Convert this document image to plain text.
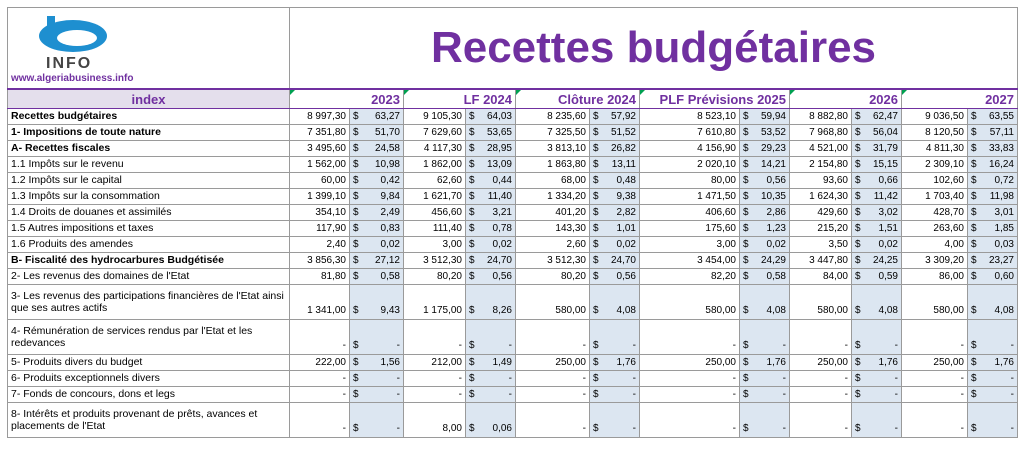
INFO
www.algeriabusiness.info	Recettes budgétaires											
index	2023		LF 2024		Clôture 2024		PLF Prévisions 2025		2026		2027	

Recettes budgétaires	8 997,30	$ 63,27	9 105,30	$ 64,03	8 235,60	$ 57,92	8 523,10	$ 59,94	8 882,80	$ 62,47	9 036,50	$ 63,55
1- Impositions de toute nature	7 351,80	$ 51,70	7 629,60	$ 53,65	7 325,50	$ 51,52	7 610,80	$ 53,52	7 968,80	$ 56,04	8 120,50	$ 57,11
A- Recettes fiscales	3 495,60	$ 24,58	4 117,30	$ 28,95	3 813,10	$ 26,82	4 156,90	$ 29,23	4 521,00	$ 31,79	4 811,30	$ 33,83
1.1 Impôts sur le revenu	1 562,00	$ 10,98	1 862,00	$ 13,09	1 863,80	$ 13,11	2 020,10	$ 14,21	2 154,80	$ 15,15	2 309,10	$ 16,24
1.2 Impôts sur le capital	60,00	$ 0,42	62,60	$ 0,44	68,00	$ 0,48	80,00	$ 0,56	93,60	$ 0,66	102,60	$ 0,72
1.3 Impôts sur la consommation	1 399,10	$ 9,84	1 621,70	$ 11,40	1 334,20	$ 9,38	1 471,50	$ 10,35	1 624,30	$ 11,42	1 703,40	$ 11,98
1.4 Droits de douanes et assimilés	354,10	$ 2,49	456,60	$ 3,21	401,20	$ 2,82	406,60	$ 2,86	429,60	$ 3,02	428,70	$ 3,01
1.5 Autres impositions et taxes	117,90	$ 0,83	111,40	$ 0,78	143,30	$ 1,01	175,60	$ 1,23	215,20	$ 1,51	263,60	$ 1,85
1.6 Produits des amendes	2,40	$ 0,02	3,00	$ 0,02	2,60	$ 0,02	3,00	$ 0,02	3,50	$ 0,02	4,00	$ 0,03
B- Fiscalité des hydrocarbures Budgétisée	3 856,30	$ 27,12	3 512,30	$ 24,70	3 512,30	$ 24,70	3 454,00	$ 24,29	3 447,80	$ 24,25	3 309,20	$ 23,27
2- Les revenus des domaines de l'Etat	81,80	$ 0,58	80,20	$ 0,56	80,20	$ 0,56	82,20	$ 0,58	84,00	$ 0,59	86,00	$ 0,60
3- Les revenus des participations financières de l'Etat ainsi que ses autres actifs	1 341,00	$ 9,43	1 175,00	$ 8,26	580,00	$ 4,08	580,00	$ 4,08	580,00	$ 4,08	580,00	$ 4,08
4- Rémunération de services rendus par l'Etat et les redevances	-	$ -	-	$ -	-	$ -	-	$ -	-	$ -	-	$ -
5- Produits divers du budget	222,00	$ 1,56	212,00	$ 1,49	250,00	$ 1,76	250,00	$ 1,76	250,00	$ 1,76	250,00	$ 1,76
6- Produits exceptionnels divers	-	$ -	-	$ -	-	$ -	-	$ -	-	$ -	-	$ -
7- Fonds de concours, dons et legs	-	$ -	-	$ -	-	$ -	-	$ -	-	$ -	-	$ -
8- Intérêts et produits provenant de prêts, avances et placements de l'Etat	-	$ -	8,00	$ 0,06	-	$ -	-	$ -	-	$ -	-	$ -
